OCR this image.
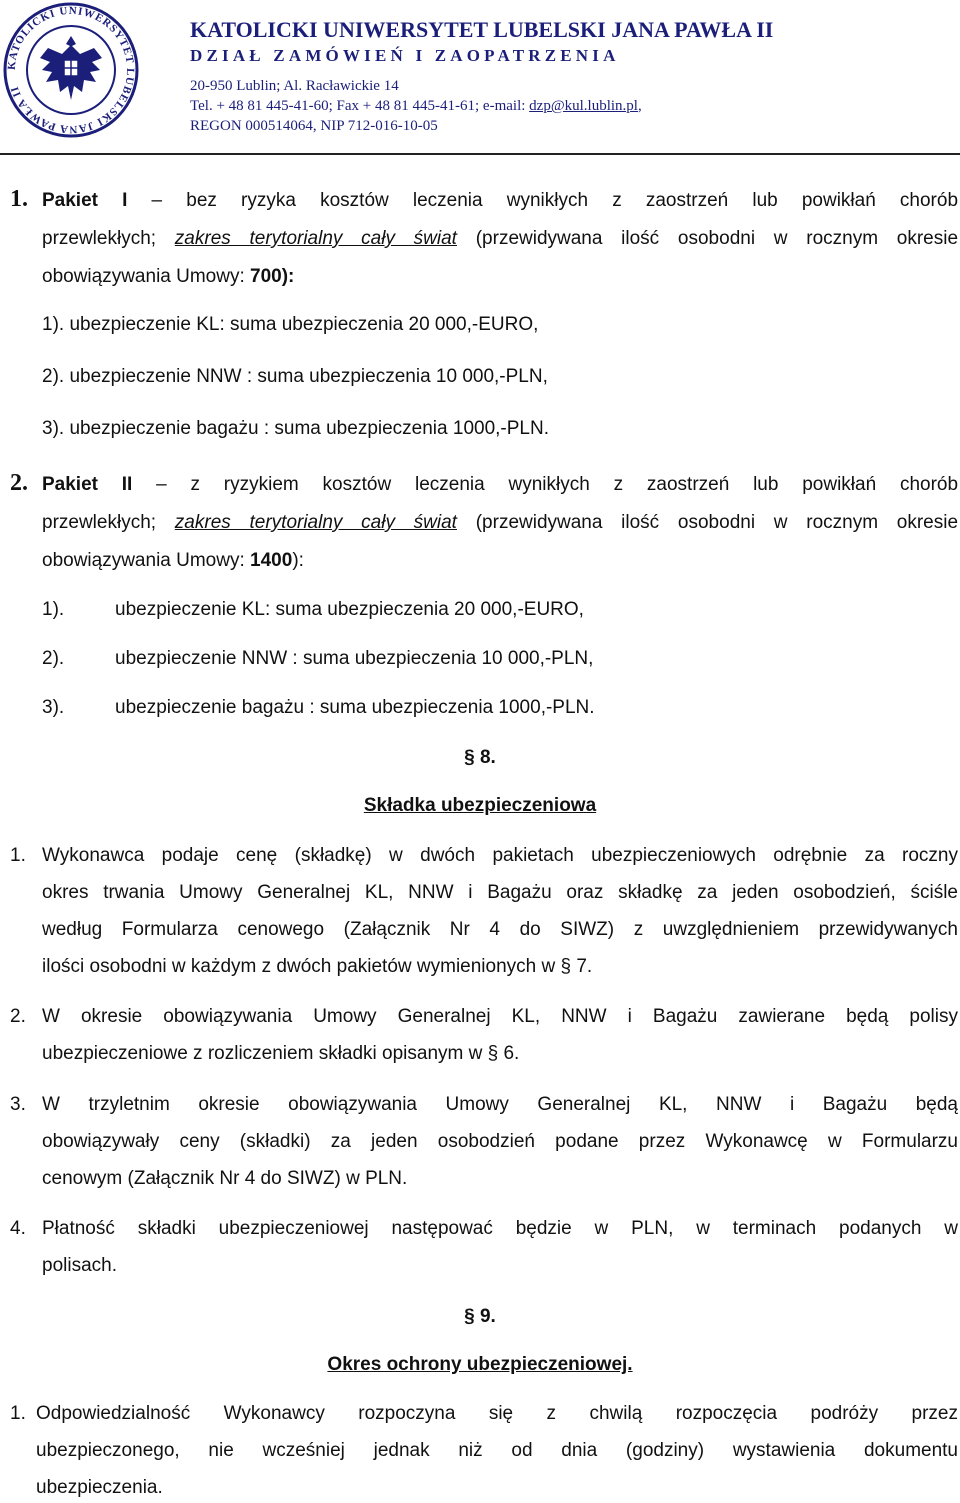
KATOLICKI UNIWERSYTET LUBELSKI JANA PAWŁA II
KATOLICKI UNIWERSYTET LUBELSKI JANA PAWŁA II
DZIAŁ ZAMÓWIEŃ I ZAOPATRZENIA
20-950 Lublin; Al. Racławickie 14
Tel. + 48 81 445-41-60; Fax + 48 81 445-41-61; e-mail: dzp@kul.lublin.pl,
REGON 000514064, NIP 712-016-10-05
1. Pakiet I – bez ryzyka kosztów leczenia wynikłych z zaostrzeń lub powikłań chorób
przewlekłych; zakres terytorialny cały świat (przewidywana ilość osobodni w rocznym okresie
obowiązywania Umowy: 700):
1). ubezpieczenie KL: suma ubezpieczenia 20 000,-EURO,
2). ubezpieczenie NNW : suma ubezpieczenia 10 000,-PLN,
3). ubezpieczenie bagażu : suma ubezpieczenia 1000,-PLN.
2. Pakiet II – z ryzykiem kosztów leczenia wynikłych z zaostrzeń lub powikłań chorób
przewlekłych; zakres terytorialny cały świat (przewidywana ilość osobodni w rocznym okresie
obowiązywania Umowy: 1400):
1).	ubezpieczenie KL: suma ubezpieczenia 20 000,-EURO,
2).	ubezpieczenie NNW : suma ubezpieczenia 10 000,-PLN,
3).	ubezpieczenie bagażu : suma ubezpieczenia 1000,-PLN.
§ 8.
Składka ubezpieczeniowa
1. Wykonawca podaje cenę (składkę) w dwóch pakietach ubezpieczeniowych odrębnie za roczny
okres trwania Umowy Generalnej KL, NNW i Bagażu oraz składkę za jeden osobodzień, ściśle
według Formularza cenowego (Załącznik Nr 4 do SIWZ) z uwzględnieniem przewidywanych
ilości osobodni w każdym z dwóch pakietów wymienionych w § 7.
2. W okresie obowiązywania Umowy Generalnej KL, NNW i Bagażu zawierane będą polisy
ubezpieczeniowe z rozliczeniem składki opisanym w § 6.
3. W trzyletnim okresie obowiązywania Umowy Generalnej KL, NNW i Bagażu będą
obowiązywały ceny (składki) za jeden osobodzień podane przez Wykonawcę w Formularzu
cenowym (Załącznik Nr 4 do SIWZ) w PLN.
4. Płatność składki ubezpieczeniowej następować będzie w PLN, w terminach podanych w
polisach.
§ 9.
Okres ochrony ubezpieczeniowej.
1. Odpowiedzialność Wykonawcy rozpoczyna się z chwilą rozpoczęcia podróży przez
ubezpieczonego, nie wcześniej jednak niż od dnia (godziny) wystawienia dokumentu
ubezpieczenia.
